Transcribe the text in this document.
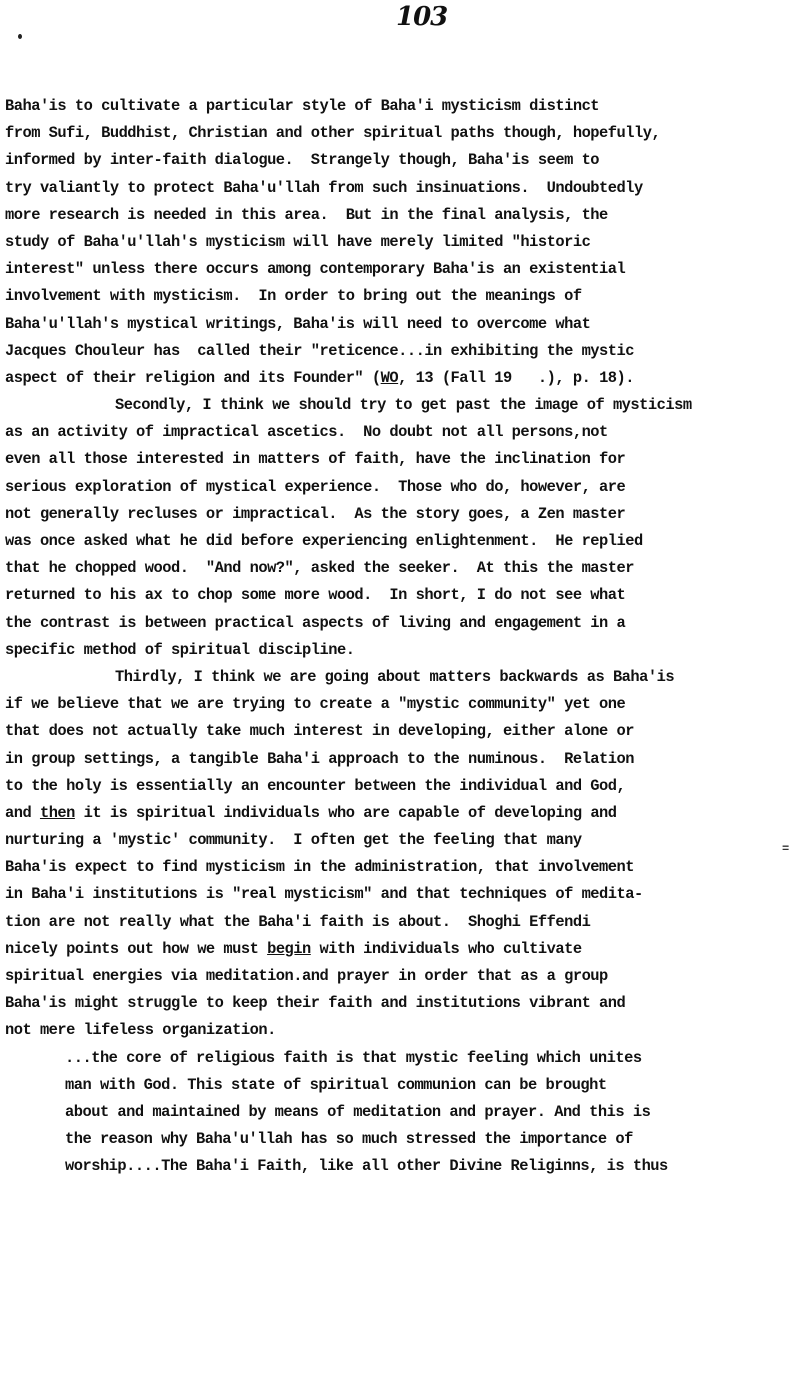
103
=
Baha'is to cultivate a particular style of Baha'i mysticism distinct
from Sufi, Buddhist, Christian and other spiritual paths though, hopefully,
informed by inter-faith dialogue.  Strangely though, Baha'is seem to
try valiantly to protect Baha'u'llah from such insinuations.  Undoubtedly
more research is needed in this area.  But in the final analysis, the
study of Baha'u'llah's mysticism will have merely limited "historic
interest" unless there occurs among contemporary Baha'is an existential
involvement with mysticism.  In order to bring out the meanings of
Baha'u'llah's mystical writings, Baha'is will need to overcome what
Jacques Chouleur has  called their "reticence...in exhibiting the mystic
aspect of their religion and its Founder" (WO, 13 (Fall 19   .), p. 18).
Secondly, I think we should try to get past the image of mysticism
as an activity of impractical ascetics.  No doubt not all persons,not
even all those interested in matters of faith, have the inclination for
serious exploration of mystical experience.  Those who do, however, are
not generally recluses or impractical.  As the story goes, a Zen master
was once asked what he did before experiencing enlightenment.  He replied
that he chopped wood.  "And now?", asked the seeker.  At this the master
returned to his ax to chop some more wood.  In short, I do not see what
the contrast is between practical aspects of living and engagement in a
specific method of spiritual discipline.
Thirdly, I think we are going about matters backwards as Baha'is
if we believe that we are trying to create a "mystic community" yet one
that does not actually take much interest in developing, either alone or
in group settings, a tangible Baha'i approach to the numinous.  Relation
to the holy is essentially an encounter between the individual and God,
and then it is spiritual individuals who are capable of developing and
nurturing a 'mystic' community.  I often get the feeling that many
Baha'is expect to find mysticism in the administration, that involvement
in Baha'i institutions is "real mysticism" and that techniques of medita-
tion are not really what the Baha'i faith is about.  Shoghi Effendi
nicely points out how we must begin with individuals who cultivate
spiritual energies via meditation.and prayer in order that as a group
Baha'is might struggle to keep their faith and institutions vibrant and
not mere lifeless organization.
...the core of religious faith is that mystic feeling which unites
man with God. This state of spiritual communion can be brought
about and maintained by means of meditation and prayer. And this is
the reason why Baha'u'llah has so much stressed the importance of
worship....The Baha'i Faith, like all other Divine Religinns, is thus
